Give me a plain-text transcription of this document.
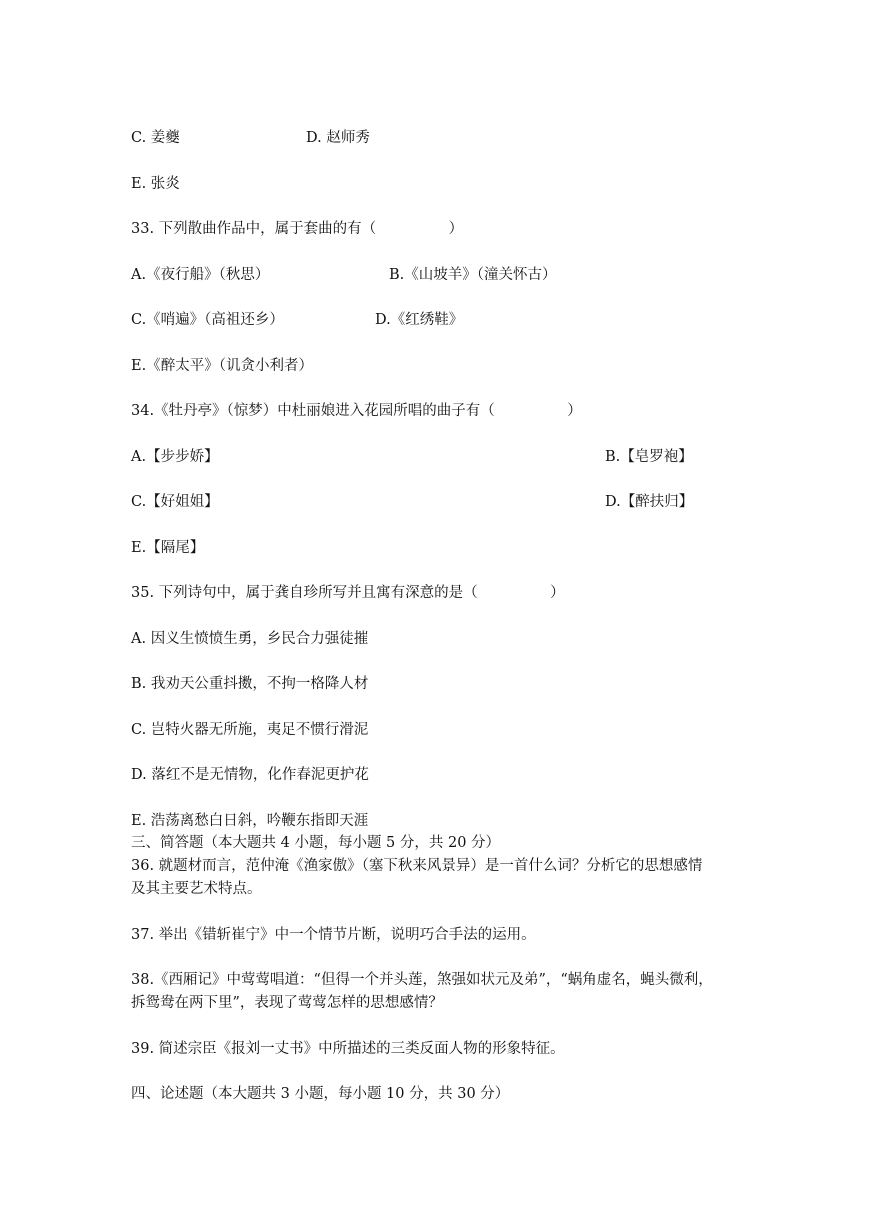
C. 姜夔	D. 赵师秀
E. 张炎
33. 下列散曲作品中，属于套曲的有（　　　　　）
A.《夜行船》（秋思）	B.《山坡羊》（潼关怀古）
C.《哨遍》（高祖还乡）	D.《红绣鞋》
E.《醉太平》（讥贪小利者）
34.《牡丹亭》（惊梦）中杜丽娘进入花园所唱的曲子有（　　　　　）
A.【步步娇】	B.【皂罗袍】
C.【好姐姐】	D.【醉扶归】
E.【隔尾】
35. 下列诗句中，属于龚自珍所写并且寓有深意的是（　　　　　）
A. 因义生愤愤生勇，乡民合力强徒摧
B. 我劝天公重抖擞，不拘一格降人材
C. 岂特火器无所施，夷足不惯行滑泥
D. 落红不是无情物，化作春泥更护花
E. 浩荡离愁白日斜，吟鞭东指即天涯
三、简答题（本大题共 4 小题，每小题 5 分，共 20 分）
36. 就题材而言，范仲淹《渔家傲》（塞下秋来风景异）是一首什么词？分析它的思想感情
及其主要艺术特点。
37. 举出《错斩崔宁》中一个情节片断，说明巧合手法的运用。
38.《西厢记》中莺莺唱道：“但得一个并头莲，煞强如状元及弟”，“蜗角虚名，蝇头微利，
拆鸳鸯在两下里”，表现了莺莺怎样的思想感情？
39. 简述宗臣《报刘一丈书》中所描述的三类反面人物的形象特征。
四、论述题（本大题共 3 小题，每小题 10 分，共 30 分）
